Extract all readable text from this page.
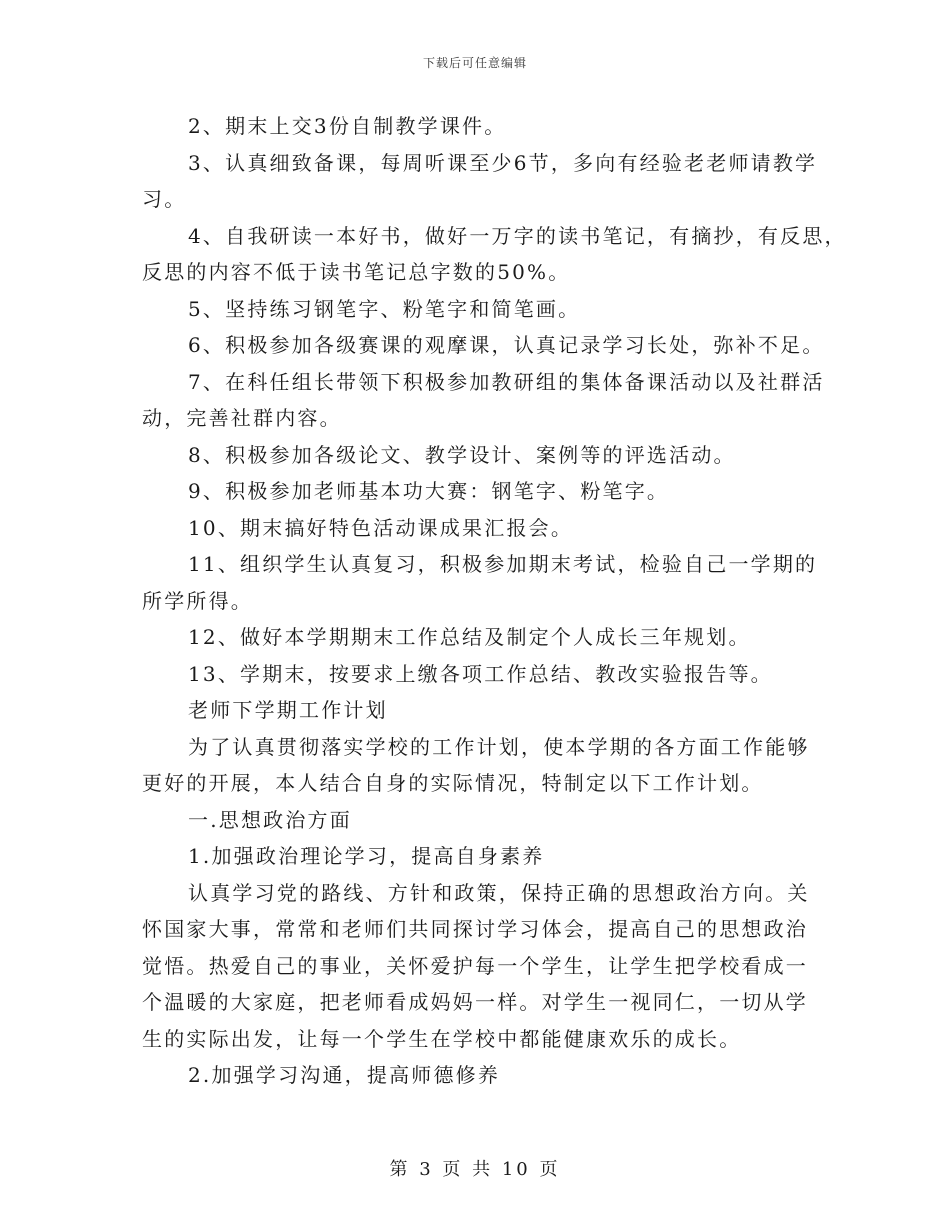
下载后可任意编辑
2、期末上交3份自制教学课件。
3、认真细致备课，每周听课至少6节，多向有经验老老师请教学
习。
4、自我研读一本好书，做好一万字的读书笔记，有摘抄，有反思，
反思的内容不低于读书笔记总字数的50%。
5、坚持练习钢笔字、粉笔字和简笔画。
6、积极参加各级赛课的观摩课，认真记录学习长处，弥补不足。
7、在科任组长带领下积极参加教研组的集体备课活动以及社群活
动，完善社群内容。
8、积极参加各级论文、教学设计、案例等的评选活动。
9、积极参加老师基本功大赛：钢笔字、粉笔字。
10、期末搞好特色活动课成果汇报会。
11、组织学生认真复习，积极参加期末考试，检验自己一学期的
所学所得。
12、做好本学期期末工作总结及制定个人成长三年规划。
13、学期末，按要求上缴各项工作总结、教改实验报告等。
老师下学期工作计划
为了认真贯彻落实学校的工作计划，使本学期的各方面工作能够
更好的开展，本人结合自身的实际情况，特制定以下工作计划。
一.思想政治方面
1.加强政治理论学习，提高自身素养
认真学习党的路线、方针和政策，保持正确的思想政治方向。关
怀国家大事，常常和老师们共同探讨学习体会，提高自己的思想政治
觉悟。热爱自己的事业，关怀爱护每一个学生，让学生把学校看成一
个温暖的大家庭，把老师看成妈妈一样。对学生一视同仁，一切从学
生的实际出发，让每一个学生在学校中都能健康欢乐的成长。
2.加强学习沟通，提高师德修养
第 3 页 共 10 页
